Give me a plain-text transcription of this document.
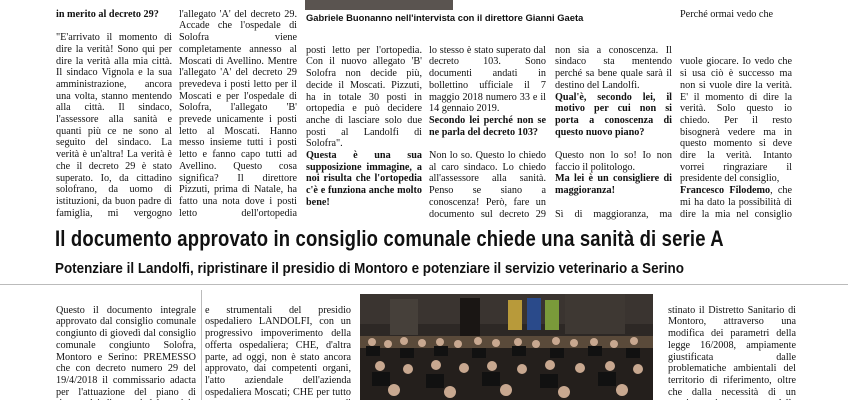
Gabriele Buonanno nell'intervista con il direttore Gianni Gaeta

in merito al decreto 29?

"E'arrivato il momento di dire la verità! Sono qui per dire la verità alla mia città. Il sindaco Vignola e la sua amministrazione, ancora una volta, stanno mentendo alla città. Il sindaco, l'assessore alla sanità e quanti più ce ne sono al seguito del sindaco. La verità è un'altra! La verità è che il decreto 29 è stato superato. Io, da cittadino solofrano, da uomo di istituzioni, da buon padre di famiglia, mi vergogno

l'allegato 'A' del decreto 29. Accade che l'ospedale di Solofra viene completamente annesso al Moscati di Avellino. Mentre l'allegato 'A' del decreto 29 prevedeva i posti letto per il Moscati e per l'ospedale di Solofra, l'allegato 'B' prevede unicamente i posti letto al Moscati. Hanno messo insieme tutti i posti letto e fanno capo tutti ad Avellino. Questo cosa significa? Il direttore Pizzuti, prima di Natale, ha fatto una nota dove i posti letto dell'ortopedia

posti letto per l'ortopedia. Con il nuovo allegato 'B' Solofra non decide più, decide il Moscati. Pizzuti, ha in totale 30 posti in ortopedia e può decidere anche di lasciare solo due posti al Landolfi di Solofra".

Questa è una sua supposizione immagine, a noi risulta che l'ortopedia c'è e funziona anche molto bene!

lo stesso è stato superato dal decreto 103. Sono documenti andati in bollettino ufficiale il 7 maggio 2018 numero 33 e il 14 gennaio 2019.

Secondo lei perché non se ne parla del decreto 103?

Non lo so. Questo lo chiedo al caro sindaco. Lo chiedo all'assessore alla sanità. Penso se siano a conoscenza! Però, fare un documento sul decreto 29

non sia a conoscenza. Il sindaco sta mentendo perché sa bene quale sarà il destino del Landolfi.

Qual'è, secondo lei, il motivo per cui non si porta a conoscenza di questo nuovo piano?

Questo non lo so! Io non faccio il politologo.

Ma lei è un consigliere di maggioranza!

Sì di maggioranza, ma

Perché ormai vedo che

vuole giocare. Io vedo che si usa ciò è successo ma non si vuole dire la verità. E' il momento di dire la verità. Solo questo io chiedo. Per il resto bisognerà vedere ma in questo momento si deve dire la verità. Intanto vorrei ringraziare il presidente del consiglio,
Francesco Filodemo, che mi ha dato la possibilità di dire la mia nel consiglio

Il documento approvato in consiglio comunale chiede una sanità di serie A
Potenziare il Landolfi, ripristinare il presidio di Montoro e potenziare il servizio veterinario a Serino

Questo il documento integrale approvato dal consiglio comunale congiunto di giovedì dal consiglio comunale congiunto Solofra, Montoro e Serino: PREMESSO che con decreto numero 29 del 19/4/2018 il commissario adacta per l'attuazione del piano di

e strumentali del presidio ospedaliero LANDOLFI, con un progressivo impoverimento della offerta ospedaliera; CHE, d'altra parte, ad oggi, non è stato ancora approvato, dai competenti organi, l'atto aziendale dell'azienda ospedaliera Moscati; CHE per tutto

stinato il Distretto Sanitario di Montoro, attraverso una modifica dei parametri della legge 16/2008, ampiamente giustificata dalle problematiche ambientali del territorio di riferimento, oltre che dalla necessità di un
